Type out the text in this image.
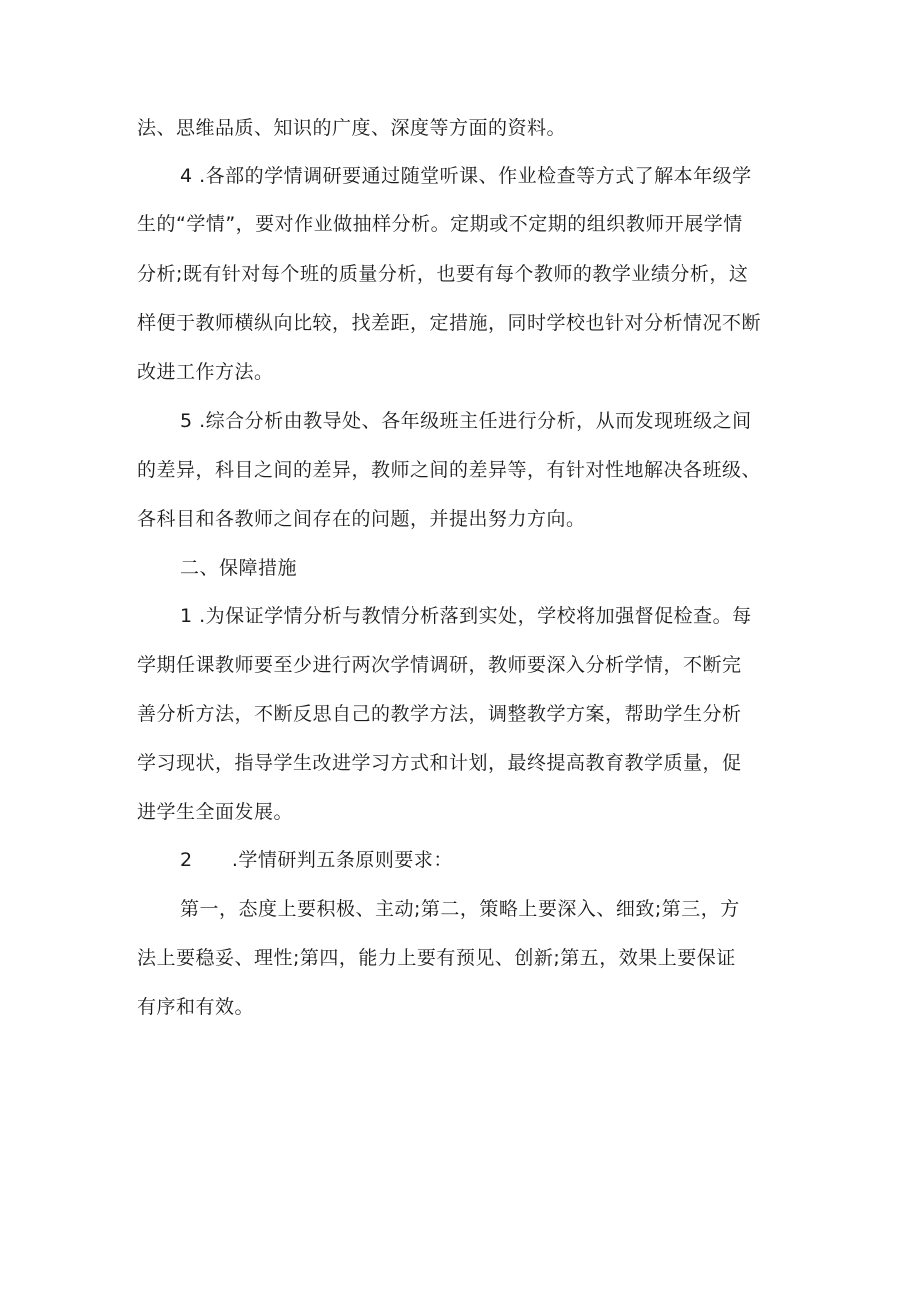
法、思维品质、知识的广度、深度等方面的资料。
4 .各部的学情调研要通过随堂听课、作业检查等方式了解本年级学
生的“学情”，要对作业做抽样分析。定期或不定期的组织教师开展学情
分析;既有针对每个班的质量分析，也要有每个教师的教学业绩分析，这
样便于教师横纵向比较，找差距，定措施，同时学校也针对分析情况不断
改进工作方法。
5 .综合分析由教导处、各年级班主任进行分析，从而发现班级之间
的差异，科目之间的差异，教师之间的差异等，有针对性地解决各班级、
各科目和各教师之间存在的问题，并提出努力方向。
二、保障措施
1 .为保证学情分析与教情分析落到实处，学校将加强督促检查。每
学期任课教师要至少进行两次学情调研，教师要深入分析学情，不断完
善分析方法，不断反思自己的教学方法，调整教学方案，帮助学生分析
学习现状，指导学生改进学习方式和计划，最终提高教育教学质量，促
进学生全面发展。
2      .学情研判五条原则要求：
第一，态度上要积极、主动;第二，策略上要深入、细致;第三，方
法上要稳妥、理性;第四，能力上要有预见、创新;第五，效果上要保证
有序和有效。
